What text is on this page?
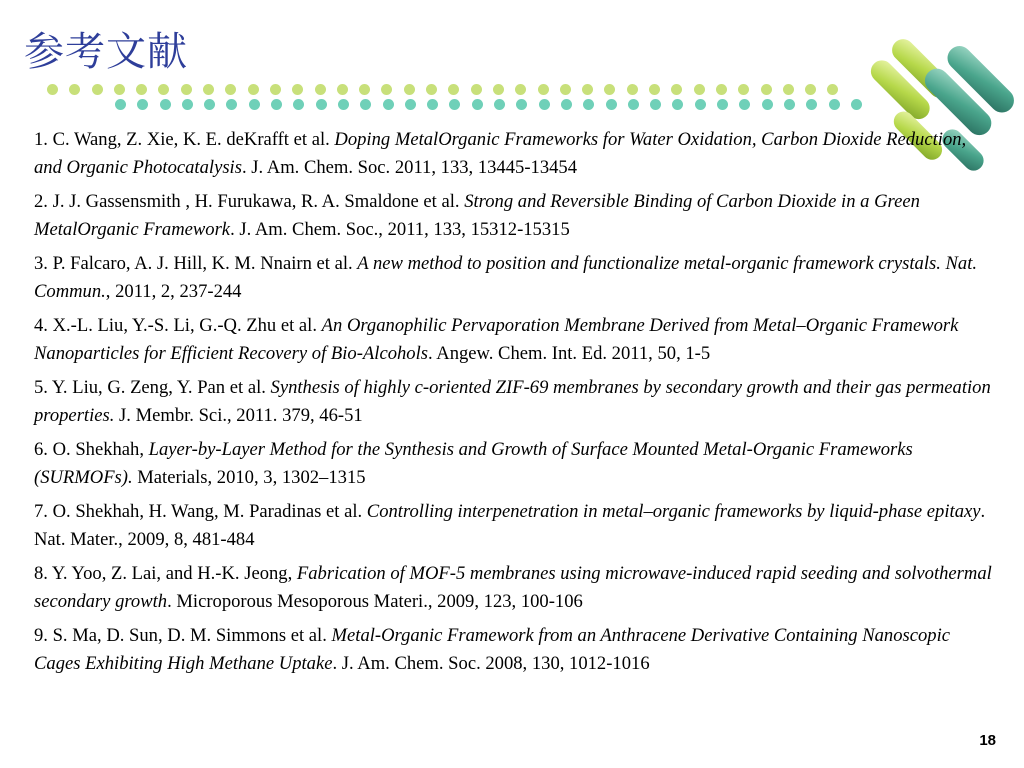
参考文献

1. C. Wang, Z. Xie, K. E. deKrafft et al. Doping MetalOrganic Frameworks for Water Oxidation, Carbon Dioxide Reduction, and Organic Photocatalysis. J. Am. Chem. Soc. 2011, 133, 13445-13454

2. J. J. Gassensmith , H. Furukawa, R. A. Smaldone et al. Strong and Reversible Binding of Carbon Dioxide in a Green MetalOrganic Framework. J. Am. Chem. Soc., 2011, 133, 15312-15315

3. P. Falcaro, A. J. Hill, K. M. Nnairn et al. A new method to position and functionalize metal-organic framework crystals. Nat. Commun., 2011, 2, 237-244

4. X.-L. Liu, Y.-S. Li, G.-Q. Zhu et al. An Organophilic Pervaporation Membrane Derived from Metal–Organic Framework Nanoparticles for Efficient Recovery of Bio-Alcohols. Angew. Chem. Int. Ed. 2011, 50, 1-5

5. Y. Liu, G. Zeng, Y. Pan et al. Synthesis of highly c-oriented ZIF-69 membranes by secondary growth and their gas permeation properties. J. Membr. Sci., 2011. 379, 46-51

6. O. Shekhah, Layer-by-Layer Method for the Synthesis and Growth of Surface Mounted Metal-Organic Frameworks (SURMOFs). Materials, 2010, 3, 1302–1315

7. O. Shekhah, H. Wang, M. Paradinas et al. Controlling interpenetration in metal–organic frameworks by liquid-phase epitaxy. Nat. Mater., 2009, 8, 481-484

8. Y. Yoo, Z. Lai, and H.-K. Jeong, Fabrication of MOF-5 membranes using microwave-induced rapid seeding and solvothermal secondary growth. Microporous Mesoporous Materi., 2009, 123, 100-106

9. S. Ma, D. Sun, D. M. Simmons et al. Metal-Organic Framework from an Anthracene Derivative Containing Nanoscopic Cages Exhibiting High Methane Uptake. J. Am. Chem. Soc. 2008, 130, 1012-1016

18
